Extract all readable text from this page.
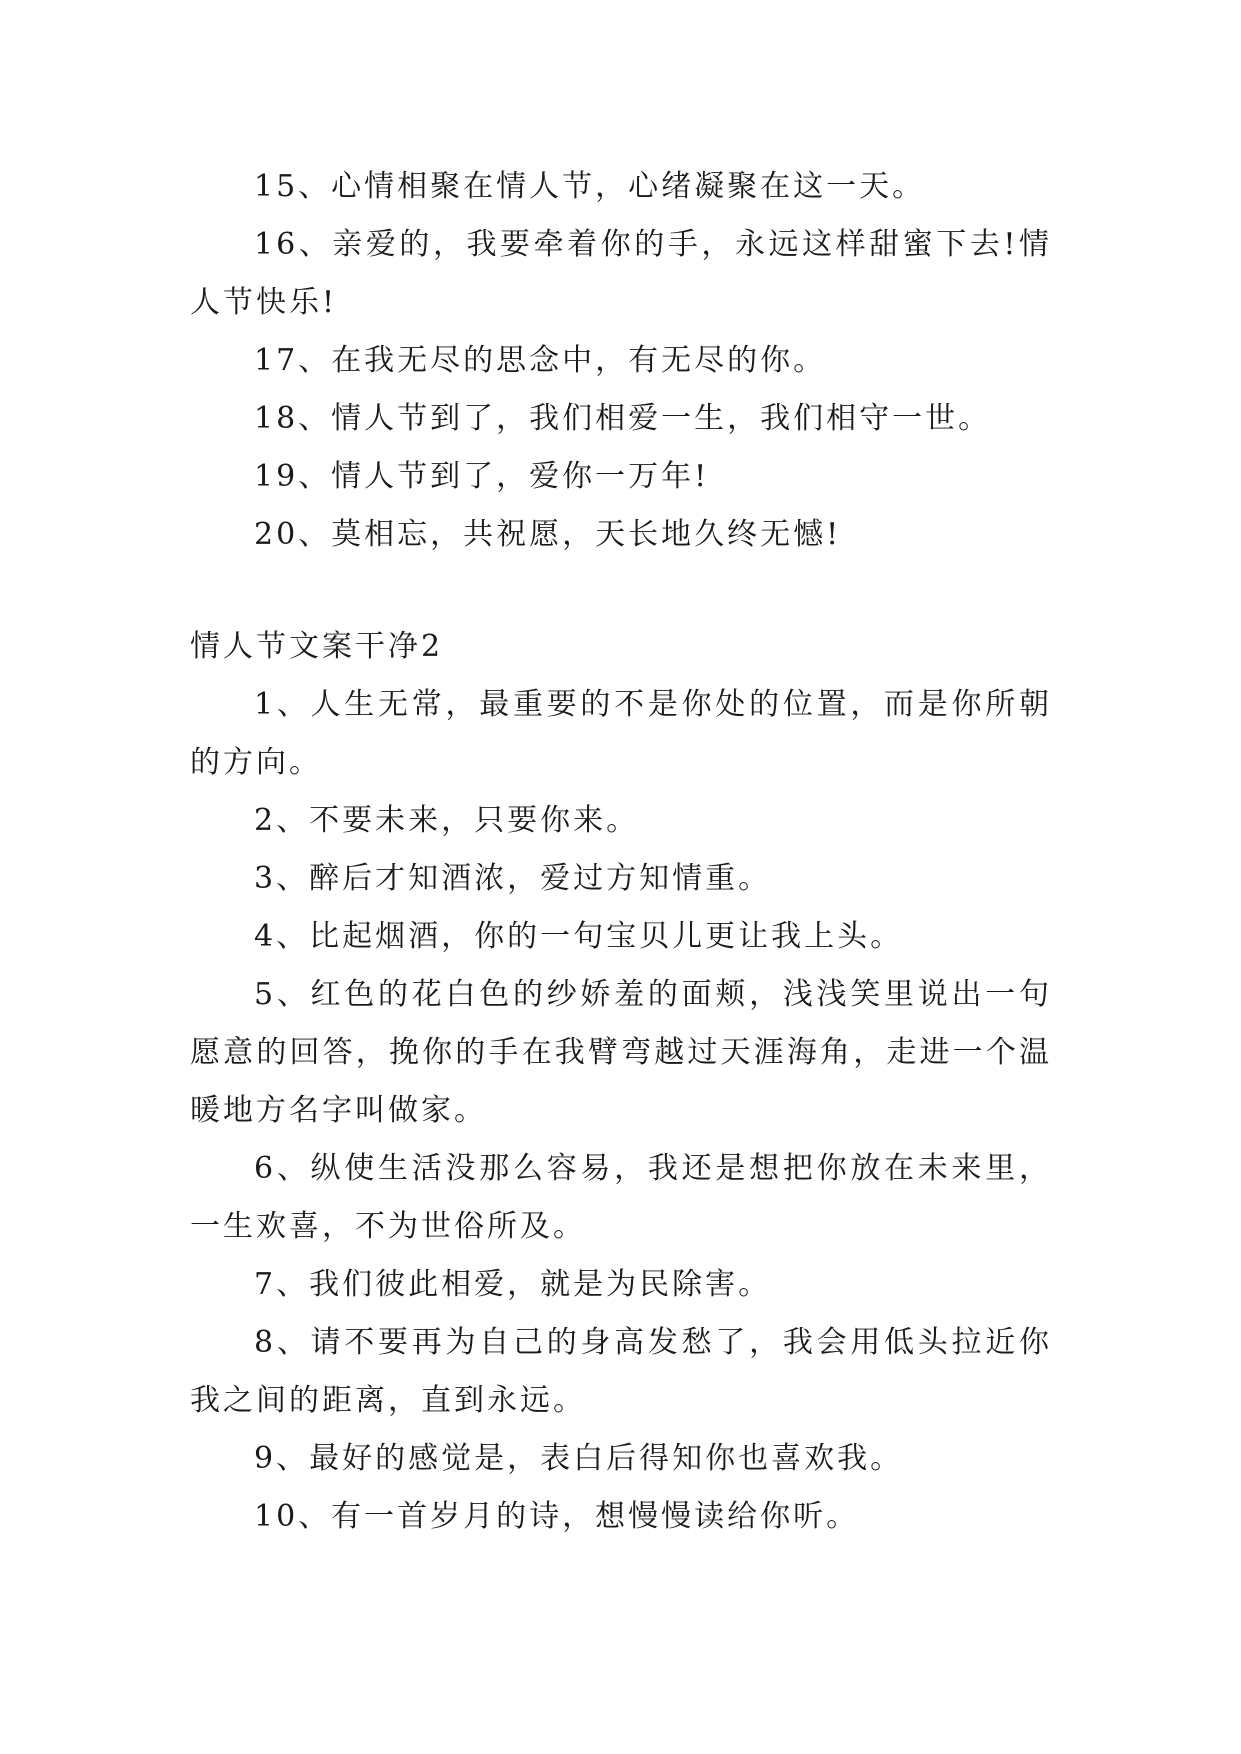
15、心情相聚在情人节，心绪凝聚在这一天。

16、亲爱的，我要牵着你的手，永远这样甜蜜下去!情人节快乐!

17、在我无尽的思念中，有无尽的你。

18、情人节到了，我们相爱一生，我们相守一世。

19、情人节到了，爱你一万年!

20、莫相忘，共祝愿，天长地久终无憾!

情人节文案干净2

1、人生无常，最重要的不是你处的位置，而是你所朝的方向。

2、不要未来，只要你来。

3、醉后才知酒浓，爱过方知情重。

4、比起烟酒，你的一句宝贝儿更让我上头。

5、红色的花白色的纱娇羞的面颊，浅浅笑里说出一句愿意的回答，挽你的手在我臂弯越过天涯海角，走进一个温暖地方名字叫做家。

6、纵使生活没那么容易，我还是想把你放在未来里，一生欢喜，不为世俗所及。

7、我们彼此相爱，就是为民除害。

8、请不要再为自己的身高发愁了，我会用低头拉近你我之间的距离，直到永远。

9、最好的感觉是，表白后得知你也喜欢我。

10、有一首岁月的诗，想慢慢读给你听。
